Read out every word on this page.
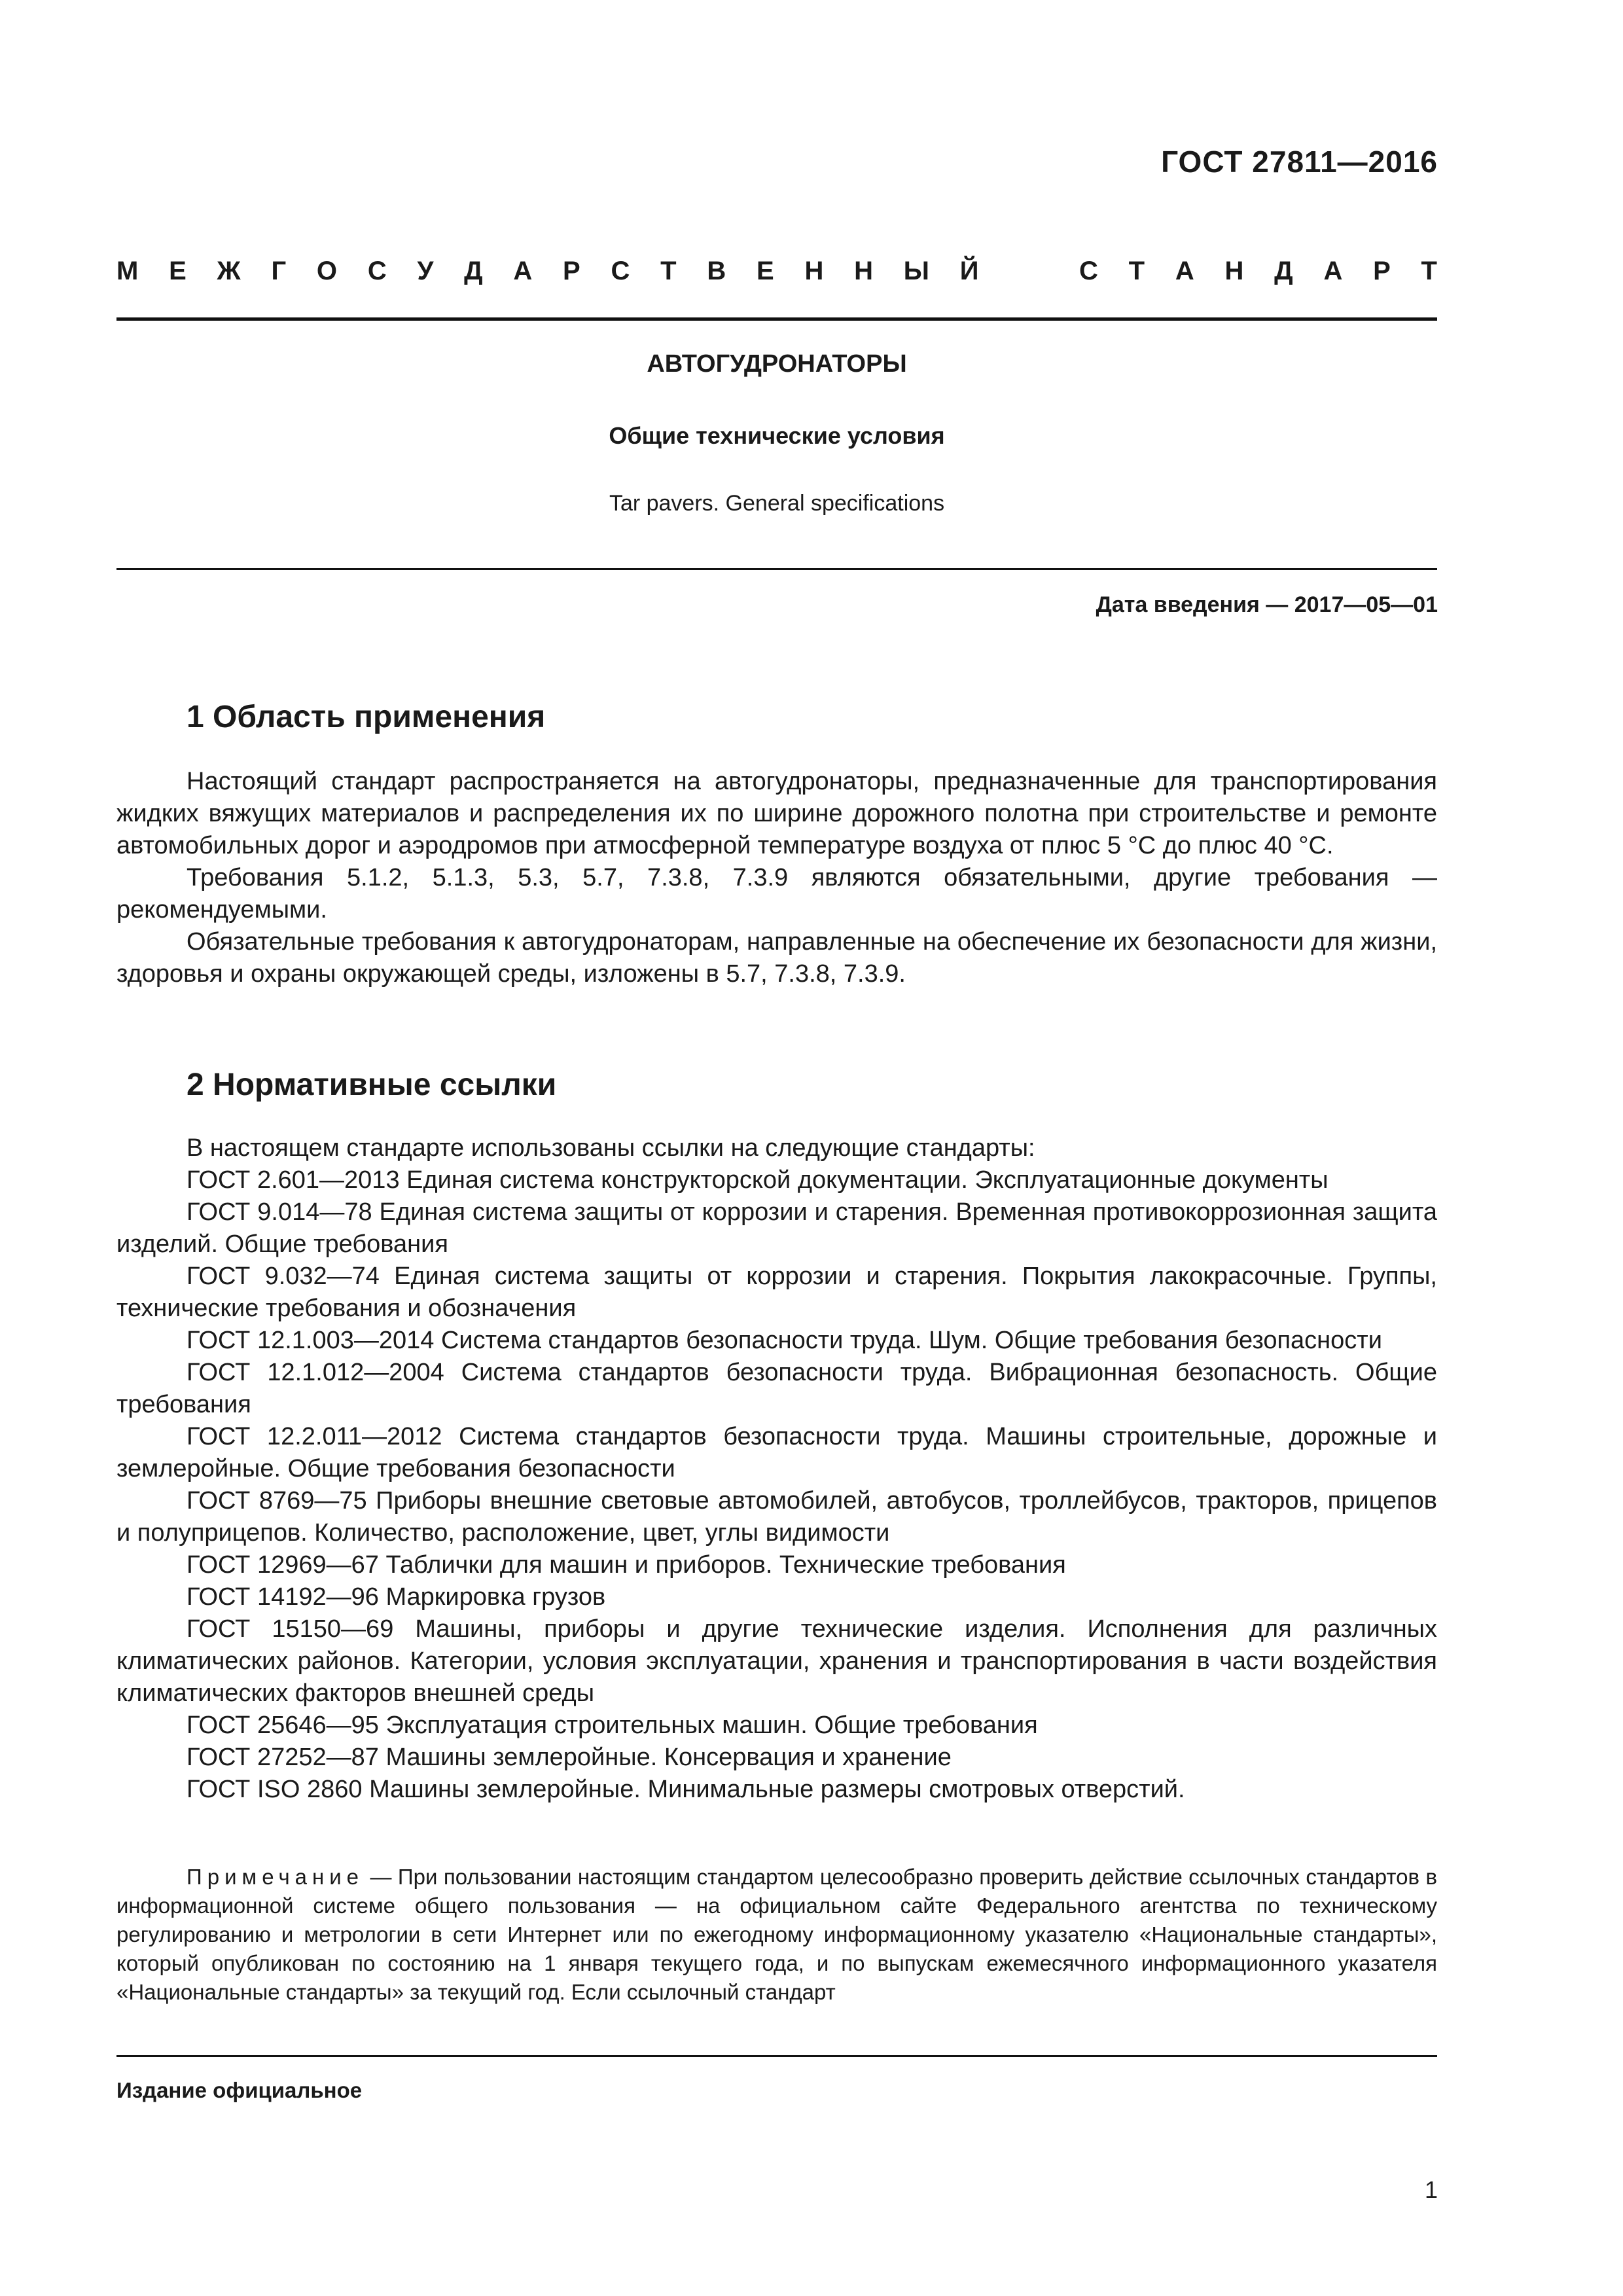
ГОСТ 27811—2016
М Е Ж Г О С У Д А Р С Т В Е Н Н Ы Й	С Т А Н Д А Р Т
АВТОГУДРОНАТОРЫ
Общие технические условия
Tar pavers. General specifications
Дата введения — 2017—05—01
1 Область применения

Настоящий стандарт распространяется на автогудронаторы, предназначенные для транспортирования жидких вяжущих материалов и распределения их по ширине дорожного полотна при строительстве и ремонте автомобильных дорог и аэродромов при атмосферной температуре воздуха от плюс 5 °С до плюс 40 °С.

Требования 5.1.2, 5.1.3, 5.3, 5.7, 7.3.8, 7.3.9 являются обязательными, другие требования — рекомендуемыми.

Обязательные требования к автогудронаторам, направленные на обеспечение их безопасности для жизни, здоровья и охраны окружающей среды, изложены в 5.7, 7.3.8, 7.3.9.

2 Нормативные ссылки

В настоящем стандарте использованы ссылки на следующие стандарты:

ГОСТ 2.601—2013 Единая система конструкторской документации. Эксплуатационные документы

ГОСТ 9.014—78 Единая система защиты от коррозии и старения. Временная противокоррозионная защита изделий. Общие требования

ГОСТ 9.032—74 Единая система защиты от коррозии и старения. Покрытия лакокрасочные. Группы, технические требования и обозначения

ГОСТ 12.1.003—2014 Система стандартов безопасности труда. Шум. Общие требования безопасности

ГОСТ 12.1.012—2004 Система стандартов безопасности труда. Вибрационная безопасность. Общие требования

ГОСТ 12.2.011—2012 Система стандартов безопасности труда. Машины строительные, дорожные и землеройные. Общие требования безопасности

ГОСТ 8769—75 Приборы внешние световые автомобилей, автобусов, троллейбусов, тракторов, прицепов и полуприцепов. Количество, расположение, цвет, углы видимости

ГОСТ 12969—67 Таблички для машин и приборов. Технические требования

ГОСТ 14192—96 Маркировка грузов

ГОСТ 15150—69 Машины, приборы и другие технические изделия. Исполнения для различных климатических районов. Категории, условия эксплуатации, хранения и транспортирования в части воздействия климатических факторов внешней среды

ГОСТ 25646—95 Эксплуатация строительных машин. Общие требования

ГОСТ 27252—87 Машины землеройные. Консервация и хранение

ГОСТ ISO 2860 Машины землеройные. Минимальные размеры смотровых отверстий.

Примечание — При пользовании настоящим стандартом целесообразно проверить действие ссылочных стандартов в информационной системе общего пользования — на официальном сайте Федерального агентства по техническому регулированию и метрологии в сети Интернет или по ежегодному информационному указателю «Национальные стандарты», который опубликован по состоянию на 1 января текущего года, и по выпускам ежемесячного информационного указателя «Национальные стандарты» за текущий год. Если ссылочный стандарт
Издание официальное
1
